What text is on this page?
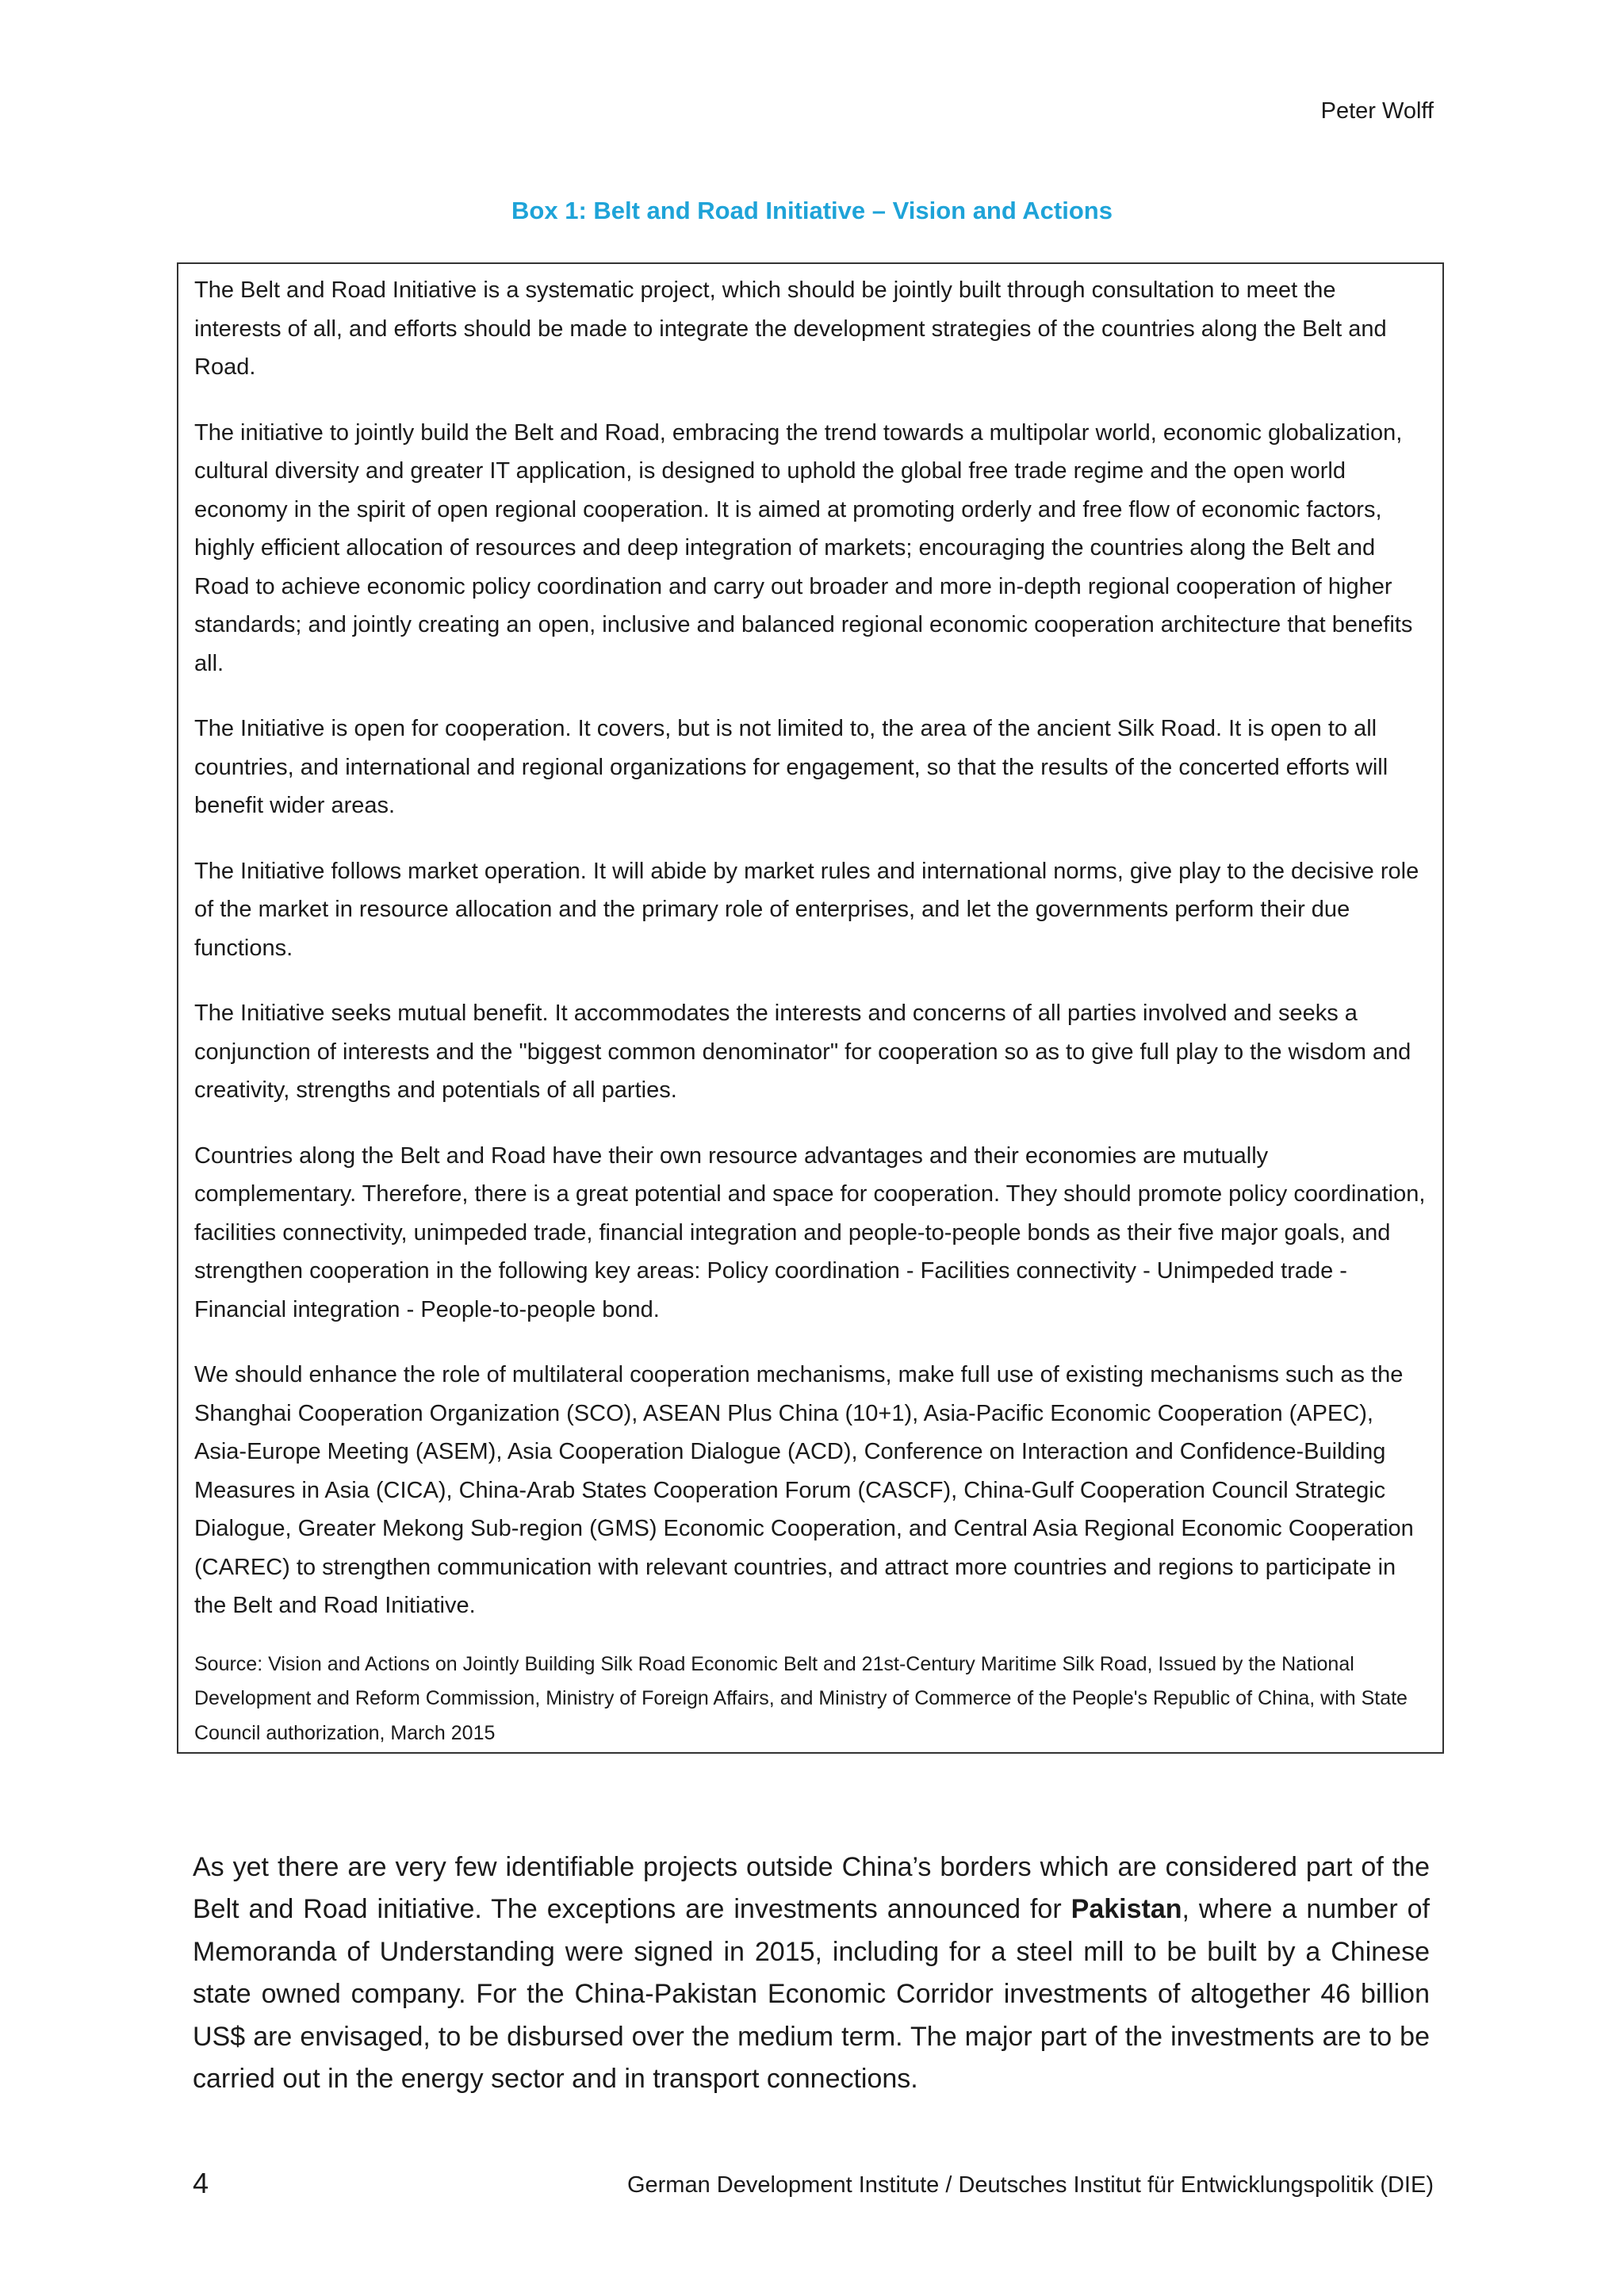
Peter Wolff
Box 1: Belt and Road Initiative – Vision and Actions

The Belt and Road Initiative is a systematic project, which should be jointly built through consultation to meet the interests of all, and efforts should be made to integrate the development strategies of the countries along the Belt and Road.

The initiative to jointly build the Belt and Road, embracing the trend towards a multipolar world, economic globalization, cultural diversity and greater IT application, is designed to uphold the global free trade regime and the open world economy in the spirit of open regional cooperation. It is aimed at promoting orderly and free flow of economic factors, highly efficient allocation of resources and deep integration of markets; encouraging the countries along the Belt and Road to achieve economic policy coordination and carry out broader and more in-depth regional cooperation of higher standards; and jointly creating an open, inclusive and balanced regional economic cooperation architecture that benefits all.

The Initiative is open for cooperation. It covers, but is not limited to, the area of the ancient Silk Road. It is open to all countries, and international and regional organizations for engagement, so that the results of the concerted efforts will benefit wider areas.

The Initiative follows market operation. It will abide by market rules and international norms, give play to the decisive role of the market in resource allocation and the primary role of enterprises, and let the governments perform their due functions.

The Initiative seeks mutual benefit. It accommodates the interests and concerns of all parties involved and seeks a conjunction of interests and the "biggest common denominator" for cooperation so as to give full play to the wisdom and creativity, strengths and potentials of all parties.

Countries along the Belt and Road have their own resource advantages and their economies are mutually complementary. Therefore, there is a great potential and space for cooperation. They should promote policy coordination, facilities connectivity, unimpeded trade, financial integration and people-to-people bonds as their five major goals, and strengthen cooperation in the following key areas: Policy coordination - Facilities connectivity - Unimpeded trade - Financial integration - People-to-people bond.

We should enhance the role of multilateral cooperation mechanisms, make full use of existing mechanisms such as the Shanghai Cooperation Organization (SCO), ASEAN Plus China (10+1), Asia-Pacific Economic Cooperation (APEC), Asia-Europe Meeting (ASEM), Asia Cooperation Dialogue (ACD), Conference on Interaction and Confidence-Building Measures in Asia (CICA), China-Arab States Cooperation Forum (CASCF), China-Gulf Cooperation Council Strategic Dialogue, Greater Mekong Sub-region (GMS) Economic Cooperation, and Central Asia Regional Economic Cooperation (CAREC) to strengthen communication with relevant countries, and attract more countries and regions to participate in the Belt and Road Initiative.

Source: Vision and Actions on Jointly Building Silk Road Economic Belt and 21st-Century Maritime Silk Road, Issued by the National Development and Reform Commission, Ministry of Foreign Affairs, and Ministry of Commerce of the People's Republic of China, with State Council authorization, March 2015

As yet there are very few identifiable projects outside China’s borders which are considered part of the Belt and Road initiative. The exceptions are investments announced for Pakistan, where a number of Memoranda of Understanding were signed in 2015, including for a steel mill to be built by a Chinese state owned company. For the China-Pakistan Economic Corridor investments of altogether 46 billion US$ are envisaged, to be disbursed over the medium term. The major part of the investments are to be carried out in the energy sector and in transport connections.

4	German Development Institute / Deutsches Institut für Entwicklungspolitik (DIE)
